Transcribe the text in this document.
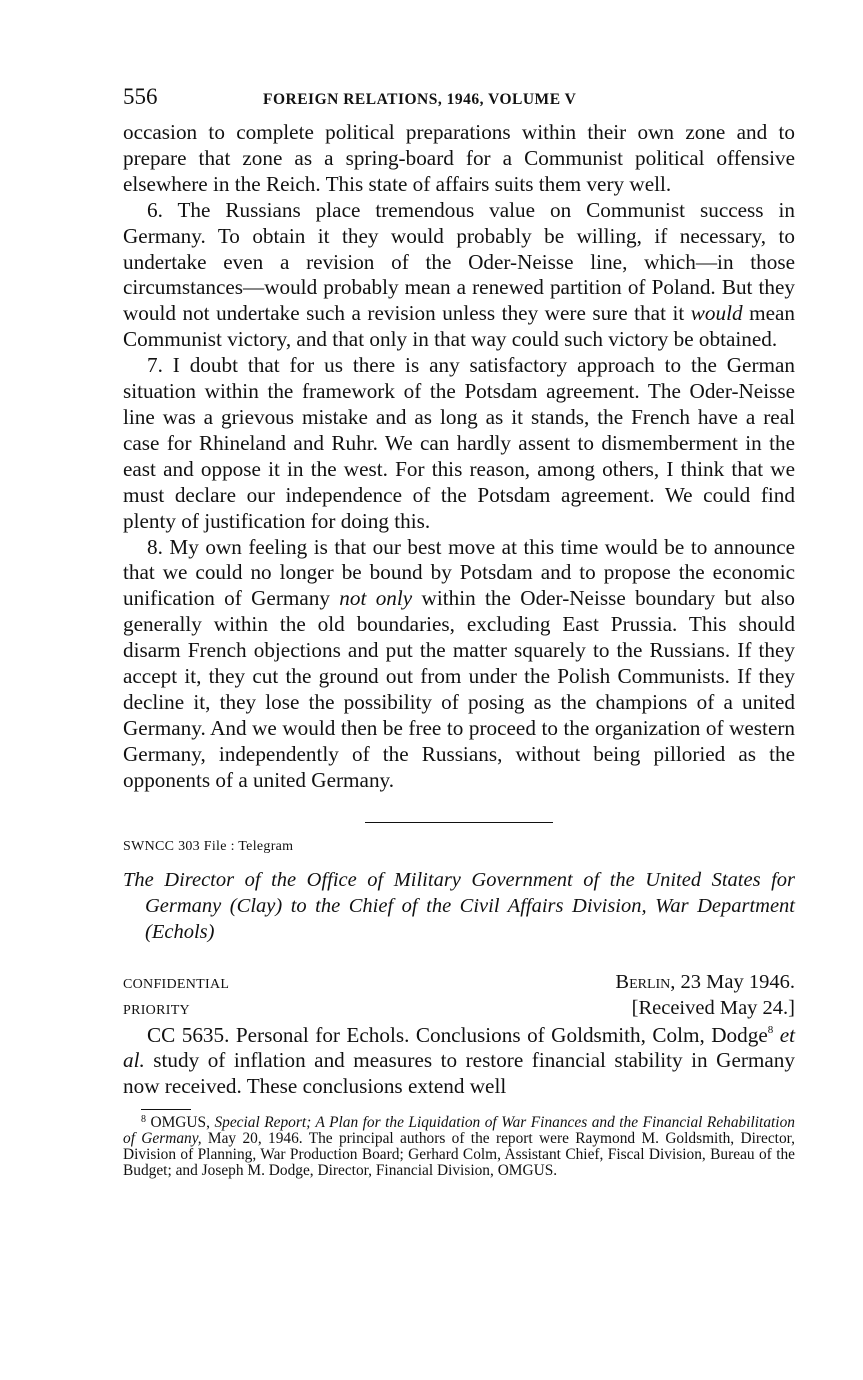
556	FOREIGN RELATIONS, 1946, VOLUME V

occasion to complete political preparations within their own zone and to prepare that zone as a spring-board for a Communist political offensive elsewhere in the Reich. This state of affairs suits them very well.

6. The Russians place tremendous value on Communist success in Germany. To obtain it they would probably be willing, if necessary, to undertake even a revision of the Oder-Neisse line, which—in those circumstances—would probably mean a renewed partition of Poland. But they would not undertake such a revision unless they were sure that it would mean Communist victory, and that only in that way could such victory be obtained.

7. I doubt that for us there is any satisfactory approach to the German situation within the framework of the Potsdam agreement. The Oder-Neisse line was a grievous mistake and as long as it stands, the French have a real case for Rhineland and Ruhr. We can hardly assent to dismemberment in the east and oppose it in the west. For this reason, among others, I think that we must declare our independence of the Potsdam agreement. We could find plenty of justification for doing this.

8. My own feeling is that our best move at this time would be to announce that we could no longer be bound by Potsdam and to propose the economic unification of Germany not only within the Oder-Neisse boundary but also generally within the old boundaries, excluding East Prussia. This should disarm French objections and put the matter squarely to the Russians. If they accept it, they cut the ground out from under the Polish Communists. If they decline it, they lose the possibility of posing as the champions of a united Germany. And we would then be free to proceed to the organization of western Germany, independently of the Russians, without being pilloried as the opponents of a united Germany.

SWNCC 303 File : Telegram
The Director of the Office of Military Government of the United States for Germany (Clay) to the Chief of the Civil Affairs Division, War Department (Echols)
CONFIDENTIAL	Berlin, 23 May 1946.
PRIORITY	[Received May 24.]

CC 5635. Personal for Echols. Conclusions of Goldsmith, Colm, Dodge$^8$ et al. study of inflation and measures to restore financial stability in Germany now received. These conclusions extend well

$^8$ OMGUS, Special Report; A Plan for the Liquidation of War Finances and the Financial Rehabilitation of Germany, May 20, 1946. The principal authors of the report were Raymond M. Goldsmith, Director, Division of Planning, War Production Board; Gerhard Colm, Assistant Chief, Fiscal Division, Bureau of the Budget; and Joseph M. Dodge, Director, Financial Division, OMGUS.
